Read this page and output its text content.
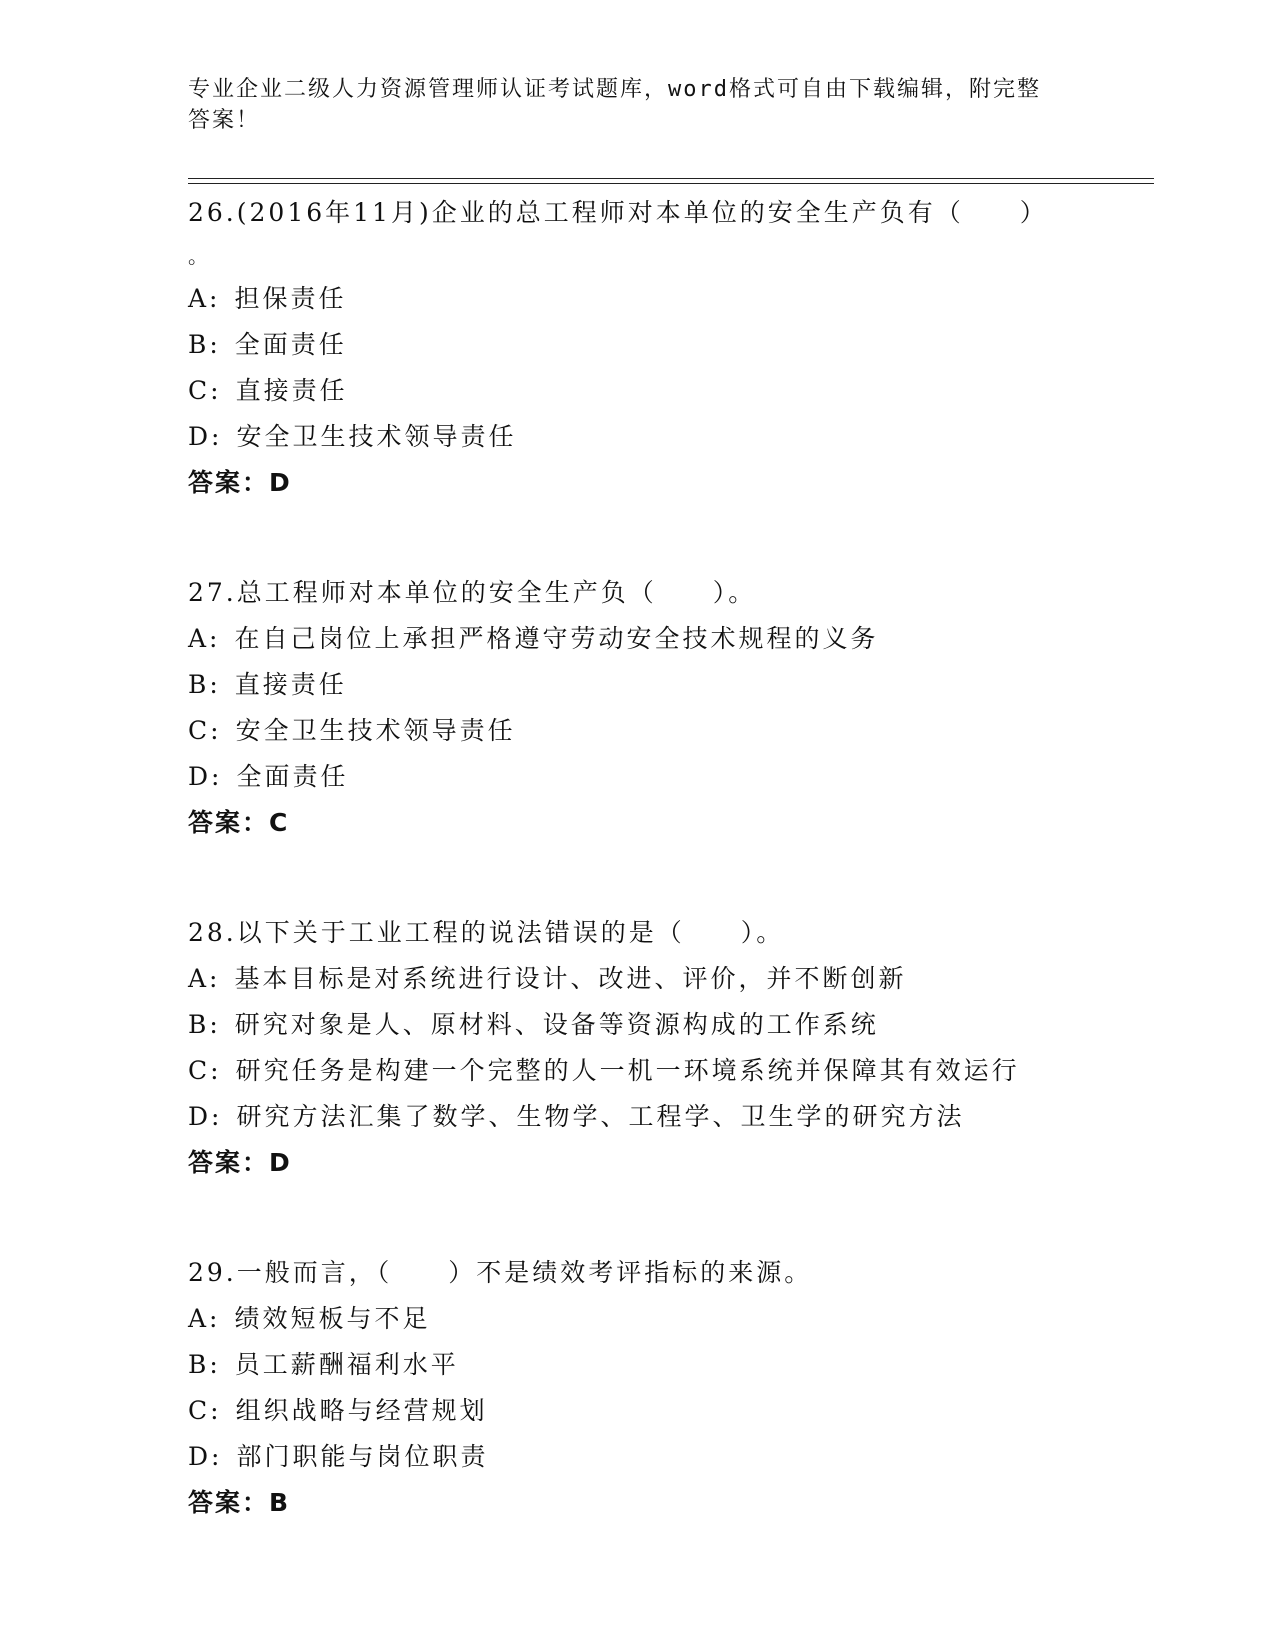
专业企业二级人力资源管理师认证考试题库，word格式可自由下载编辑，附完整
答案！
26.(2016年11月)企业的总工程师对本单位的安全生产负有（　　）
。
A: 担保责任
B: 全面责任
C: 直接责任
D: 安全卫生技术领导责任
答案：D
27.总工程师对本单位的安全生产负（　　）。
A: 在自己岗位上承担严格遵守劳动安全技术规程的义务
B: 直接责任
C: 安全卫生技术领导责任
D: 全面责任
答案：C
28.以下关于工业工程的说法错误的是（　　）。
A: 基本目标是对系统进行设计、改进、评价，并不断创新
B: 研究对象是人、原材料、设备等资源构成的工作系统
C: 研究任务是构建一个完整的人一机一环境系统并保障其有效运行
D: 研究方法汇集了数学、生物学、工程学、卫生学的研究方法
答案：D
29.一般而言，（　　）不是绩效考评指标的来源。
A: 绩效短板与不足
B: 员工薪酬福利水平
C: 组织战略与经营规划
D: 部门职能与岗位职责
答案：B
